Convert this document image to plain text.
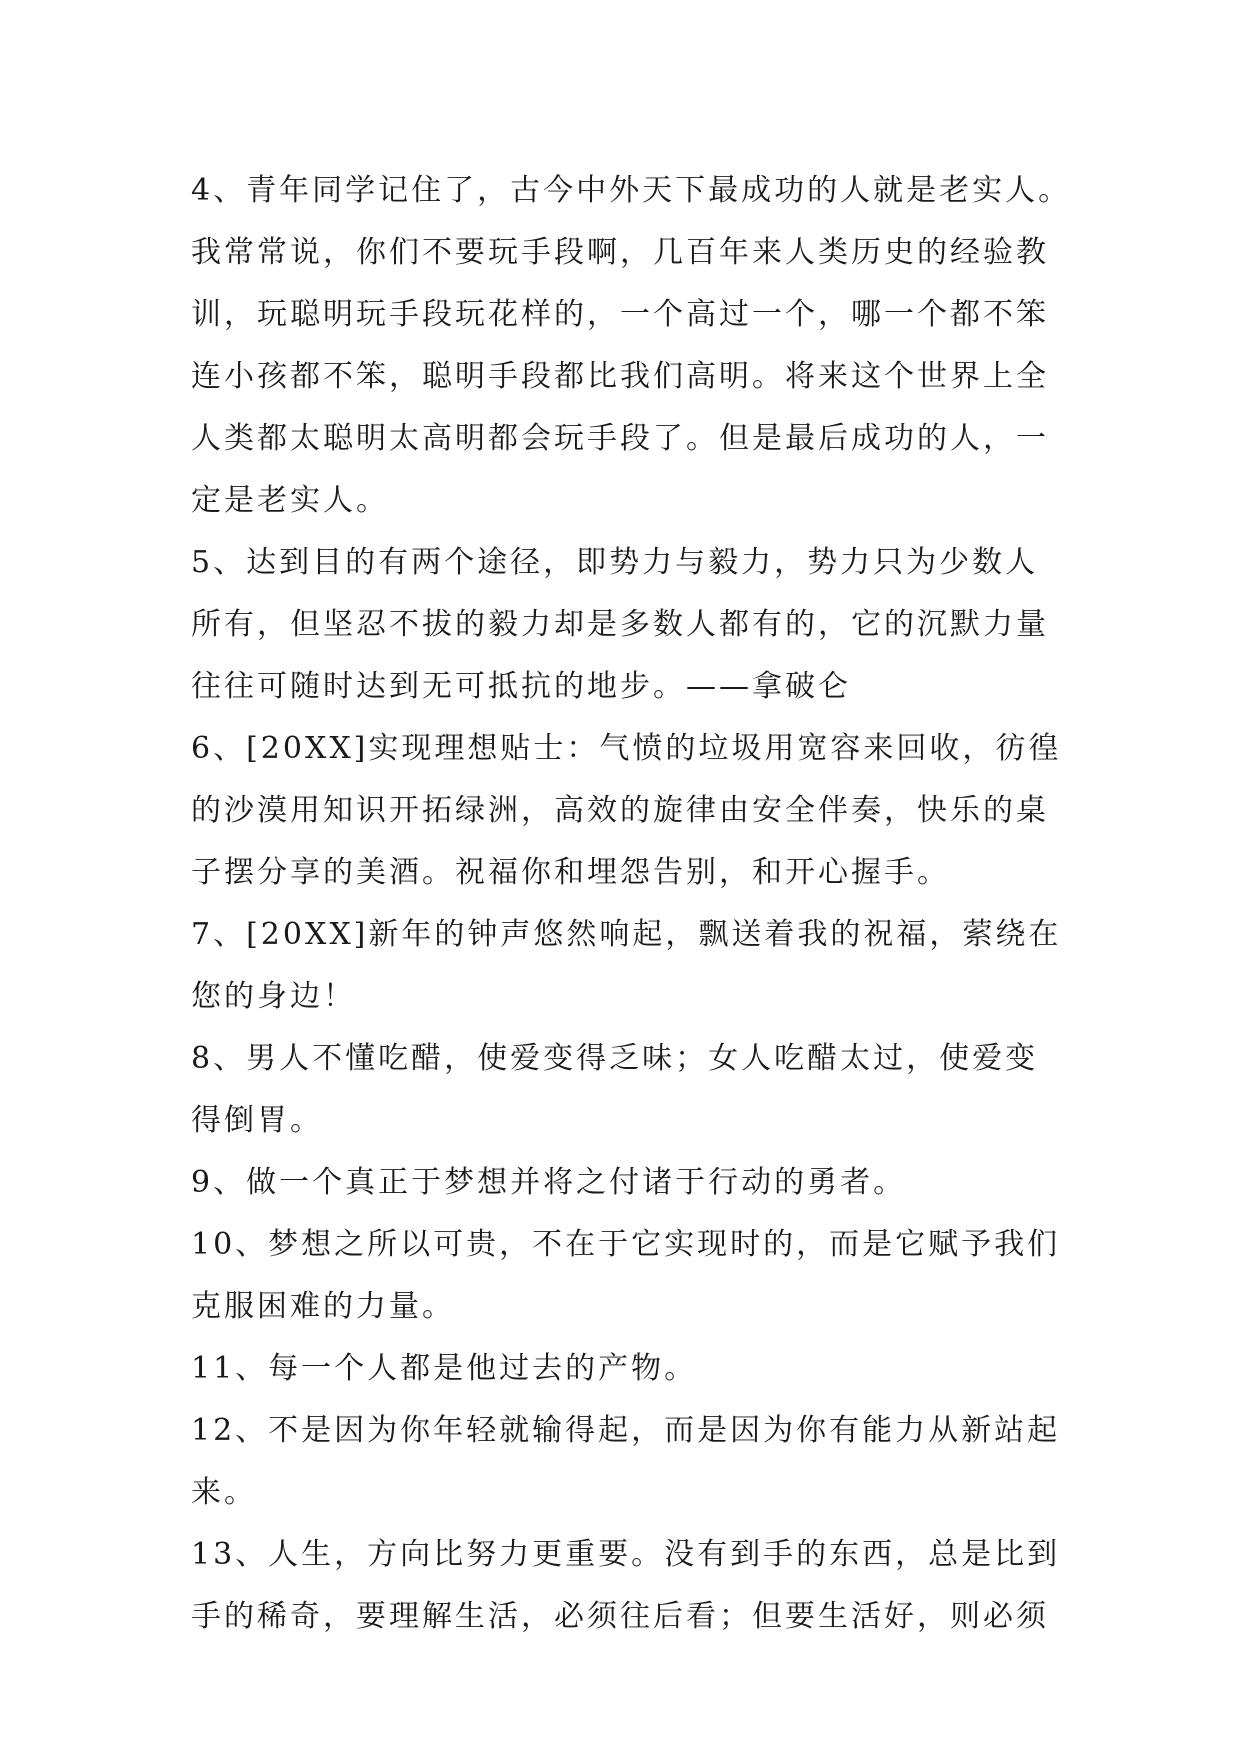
4、青年同学记住了，古今中外天下最成功的人就是老实人。
我常常说，你们不要玩手段啊，几百年来人类历史的经验教
训，玩聪明玩手段玩花样的，一个高过一个，哪一个都不笨
连小孩都不笨，聪明手段都比我们高明。将来这个世界上全
人类都太聪明太高明都会玩手段了。但是最后成功的人，一
定是老实人。

5、达到目的有两个途径，即势力与毅力，势力只为少数人
所有，但坚忍不拔的毅力却是多数人都有的，它的沉默力量
往往可随时达到无可抵抗的地步。——拿破仑

6、[20XX]实现理想贴士：气愤的垃圾用宽容来回收，彷徨
的沙漠用知识开拓绿洲，高效的旋律由安全伴奏，快乐的桌
子摆分享的美酒。祝福你和埋怨告别，和开心握手。

7、[20XX]新年的钟声悠然响起，飘送着我的祝福，萦绕在
您的身边！

8、男人不懂吃醋，使爱变得乏味；女人吃醋太过，使爱变
得倒胃。

9、做一个真正于梦想并将之付诸于行动的勇者。

10、梦想之所以可贵，不在于它实现时的，而是它赋予我们
克服困难的力量。

11、每一个人都是他过去的产物。

12、不是因为你年轻就输得起，而是因为你有能力从新站起
来。

13、人生，方向比努力更重要。没有到手的东西，总是比到
手的稀奇，要理解生活，必须往后看；但要生活好，则必须
